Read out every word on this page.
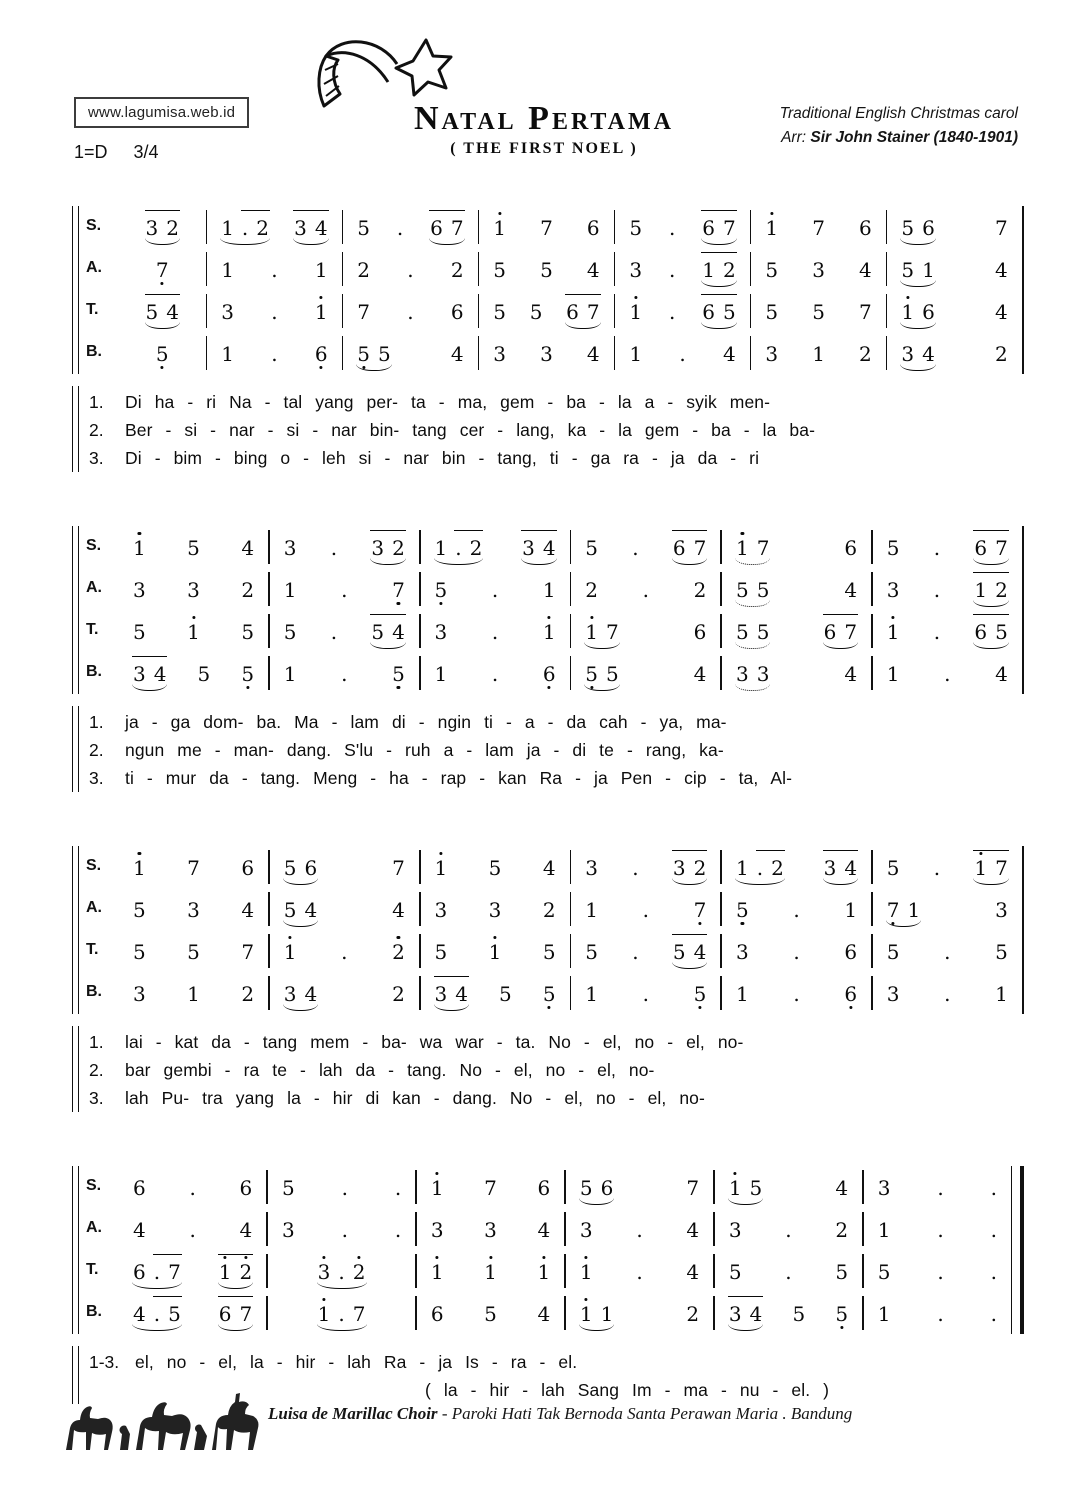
www.lagumisa.web.id
1=D 3/4
Natal Pertama
( THE FIRST NOEL )
Traditional English Christmas carol
Arr: Sir John Stainer (1840-1901)
S.	3 2 1 . 2 3 4 5 . 6 7 1 7 6 5 . 6 7 1 7 6 5 6	7
A.	7	1 . 1 2 . 2 5 5 4 3 . 1 2 5 3 4 5 1	4
T.	5 4 3 . 1 7 . 6 5 5 6 7 1 . 6 5 5 5 7 1 6	4
B.	5	1 . 6 5 5	4 3 3 4 1 . 4 3 1 2 3 4	2
1.	Di ha - ri Na - tal yang per- ta - ma, gem - ba - la a - syik men-
2.	Ber - si - nar - si - nar bin- tang cer - lang, ka - la gem - ba - la ba-
3.	Di - bim - bing o - leh si - nar bin - tang, ti - ga ra - ja da - ri
S.	1 5 4 3 . 3 2 1 . 2 3 4 5 . 6 7 1 7	6 5 . 6 7
A.	3 3 2 1 . 7 5 . 1 2 . 2 5 5	4 3 . 1 2
T.	5 1 5 5 . 5 4 3 . 1 1 7	6 5 5	6 7 1 . 6 5
B.	3 4 5 5 1 . 5 1 . 6 5 5	4 3 3	4 1 . 4
1.	ja - ga dom- ba. Ma - lam di - ngin ti - a - da cah - ya, ma-
2.	ngun me - man- dang. S'lu - ruh a - lam ja - di te - rang, ka-
3.	ti - mur da - tang. Meng - ha - rap - kan Ra - ja Pen - cip - ta, Al-
S.	1 7 6 5 6	7 1 5 4 3 . 3 2 1 . 2 3 4 5 . 1 7
A.	5 3 4 5 4	4 3 3 2 1 . 7 5 . 1 7 1	3
T.	5 5 7 1 . 2 5 1 5 5 . 5 4 3 . 6 5 . 5
B.	3 1 2 3 4	2 3 4 5 5 1 . 5 1 . 6 3 . 1
1.	lai - kat da - tang mem - ba- wa war - ta. No - el, no - el, no-
2.	bar gembi - ra te - lah da - tang. No - el, no - el, no-
3.	lah Pu- tra yang la - hir di kan - dang. No - el, no - el, no-
S.	6 . 6 5 . . 1 7 6 5 6	7 1 5	4 3 . .
A.	4 . 4 3 . . 3 3 4 3 . 4 3 . 2 1 . .
T.	6 . 7 1 2	3 . 2	1 1 1 1 . 4 5 . 5 5 . .
B.	4 . 5 6 7	1 . 7	6 5 4 1 1	2 3 4 5 5 1 . .
1-3. el, no - el, la - hir - lah Ra - ja Is - ra - el.
( la - hir - lah Sang Im - ma - nu - el. )
Luisa de Marillac Choir - Paroki Hati Tak Bernoda Santa Perawan Maria . Bandung
